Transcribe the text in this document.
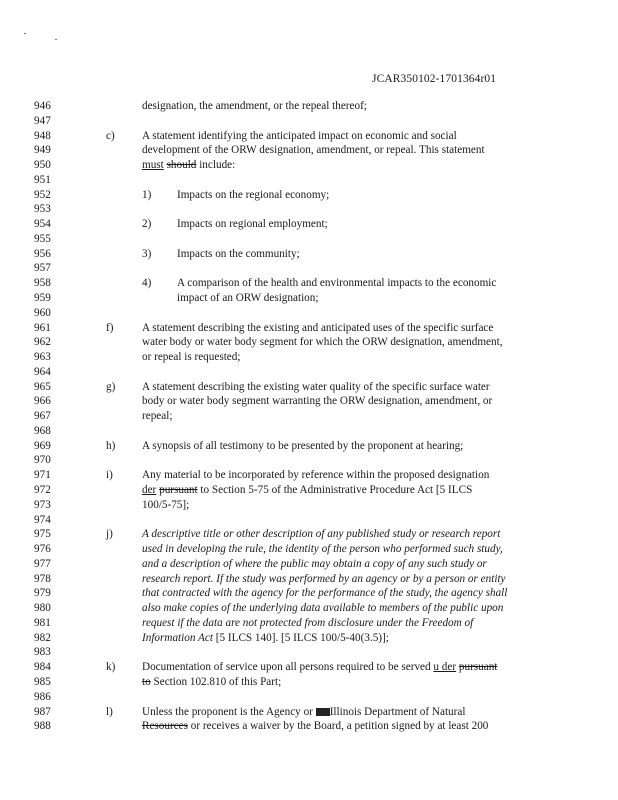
JCAR350102-1701364r01
946	designation, the amendment, or the repeal thereof;
947
948	c) A statement identifying the anticipated impact on economic and social
949	development of the ORW designation, amendment, or repeal. This statement
950	must should include:
951
952	1) Impacts on the regional economy;
953
954	2) Impacts on regional employment;
955
956	3) Impacts on the community;
957
958	4) A comparison of the health and environmental impacts to the economic
959	impact of an ORW designation;
960
961	f)	A statement describing the existing and anticipated uses of the specific surface
962	water body or water body segment for which the ORW designation, amendment,
963	or repeal is requested;
964
965	g) A statement describing the existing water quality of the specific surface water
966	body or water body segment warranting the ORW designation, amendment, or
967	repeal;
968
969	h) A synopsis of all testimony to be presented by the proponent at hearing;
970
971	i)	Any material to be incorporated by reference within the proposed designation
972	der pursuant to Section 5-75 of the Administrative Procedure Act [5 ILCS
973	100/5-75];
974
975	j)	A descriptive title or other description of any published study or research report
976	used in developing the rule, the identity of the person who performed such study,
977	and a description of where the public may obtain a copy of any such study or
978	research report. If the study was performed by an agency or by a person or entity
979	that contracted with the agency for the performance of the study, the agency shall
980	also make copies of the underlying data available to members of the public upon
981	request if the data are not protected from disclosure under the Freedom of
982	Information Act [5 ILCS 140]. [5 ILCS 100/5-40(3.5)];
983
984	k) Documentation of service upon all persons required to be served u der pursuant
985	to Section 102.810 of this Part;
986
987	l)	Unless the proponent is the Agency or Illinois Department of Natural
988	Resources or receives a waiver by the Board, a petition signed by at least 200
